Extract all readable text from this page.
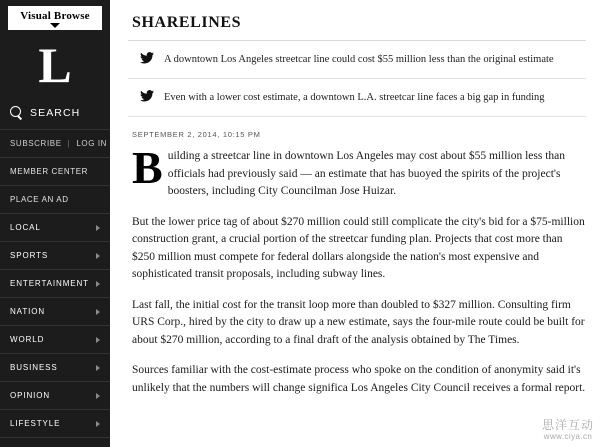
Visual Browse
L
SEARCH
SUBSCRIBE | LOG IN
MEMBER CENTER
PLACE AN AD
LOCAL
SPORTS
ENTERTAINMENT
NATION
WORLD
BUSINESS
OPINION
LIFESTYLE
SHARELINES
A downtown Los Angeles streetcar line could cost $55 million less than the original estimate
Even with a lower cost estimate, a downtown L.A. streetcar line faces a big gap in funding
SEPTEMBER 2, 2014, 10:15 PM

Building a streetcar line in downtown Los Angeles may cost about $55 million less than officials had previously said — an estimate that has buoyed the spirits of the project's boosters, including City Councilman Jose Huizar.

But the lower price tag of about $270 million could still complicate the city's bid for a $75-million construction grant, a crucial portion of the streetcar funding plan. Projects that cost more than $250 million must compete for federal dollars alongside the nation's most expensive and sophisticated transit proposals, including subway lines.

Last fall, the initial cost for the transit loop more than doubled to $327 million. Consulting firm URS Corp., hired by the city to draw up a new estimate, says the four-mile route could be built for about $270 million, according to a final draft of the analysis obtained by The Times.

Sources familiar with the cost-estimate process who spoke on the condition of anonymity said it's unlikely that the numbers will change significa Los Angeles City Council receives a formal report.

思洋互动
www.ciya.cn
